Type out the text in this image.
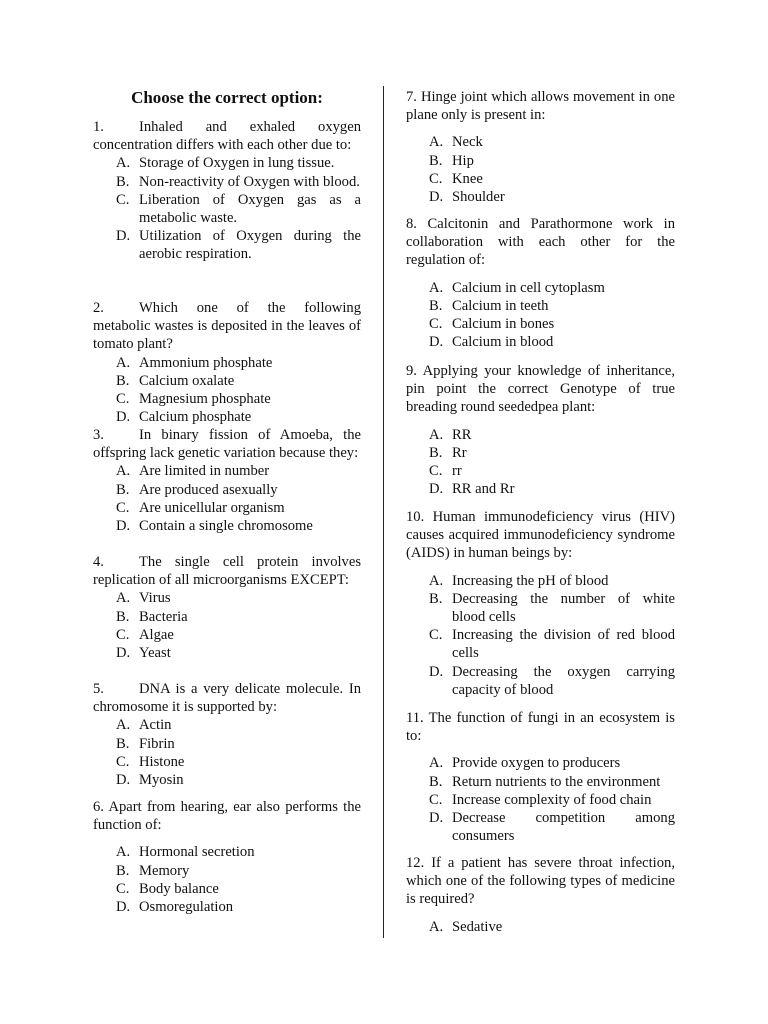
Choose the correct option:
1. Inhaled and exhaled oxygen concentration differs with each other due to:
A. Storage of Oxygen in lung tissue.
B. Non-reactivity of Oxygen with blood.
C. Liberation of Oxygen gas as a metabolic waste.
D. Utilization of Oxygen during the aerobic respiration.
2. Which one of the following metabolic wastes is deposited in the leaves of tomato plant?
A. Ammonium phosphate
B. Calcium oxalate
C. Magnesium phosphate
D. Calcium phosphate
3. In binary fission of Amoeba, the offspring lack genetic variation because they:
A. Are limited in number
B. Are produced asexually
C. Are unicellular organism
D. Contain a single chromosome
4. The single cell protein involves replication of all microorganisms EXCEPT:
A. Virus
B. Bacteria
C. Algae
D. Yeast
5. DNA is a very delicate molecule. In chromosome it is supported by:
A. Actin
B. Fibrin
C. Histone
D. Myosin
6. Apart from hearing, ear also performs the function of:
A. Hormonal secretion
B. Memory
C. Body balance
D. Osmoregulation
7. Hinge joint which allows movement in one plane only is present in:
A. Neck
B. Hip
C. Knee
D. Shoulder
8. Calcitonin and Parathormone work in collaboration with each other for the regulation of:
A. Calcium in cell cytoplasm
B. Calcium in teeth
C. Calcium in bones
D. Calcium in blood
9. Applying your knowledge of inheritance, pin point the correct Genotype of true breading round seededpea plant:
A. RR
B. Rr
C. rr
D. RR and Rr
10. Human immunodeficiency virus (HIV) causes acquired immunodeficiency syndrome (AIDS) in human beings by:
A. Increasing the pH of blood
B. Decreasing the number of white blood cells
C. Increasing the division of red blood cells
D. Decreasing the oxygen carrying capacity of blood
11. The function of fungi in an ecosystem is to:
A. Provide oxygen to producers
B. Return nutrients to the environment
C. Increase complexity of food chain
D. Decrease competition among consumers
12. If a patient has severe throat infection, which one of the following types of medicine is required?
A. Sedative
